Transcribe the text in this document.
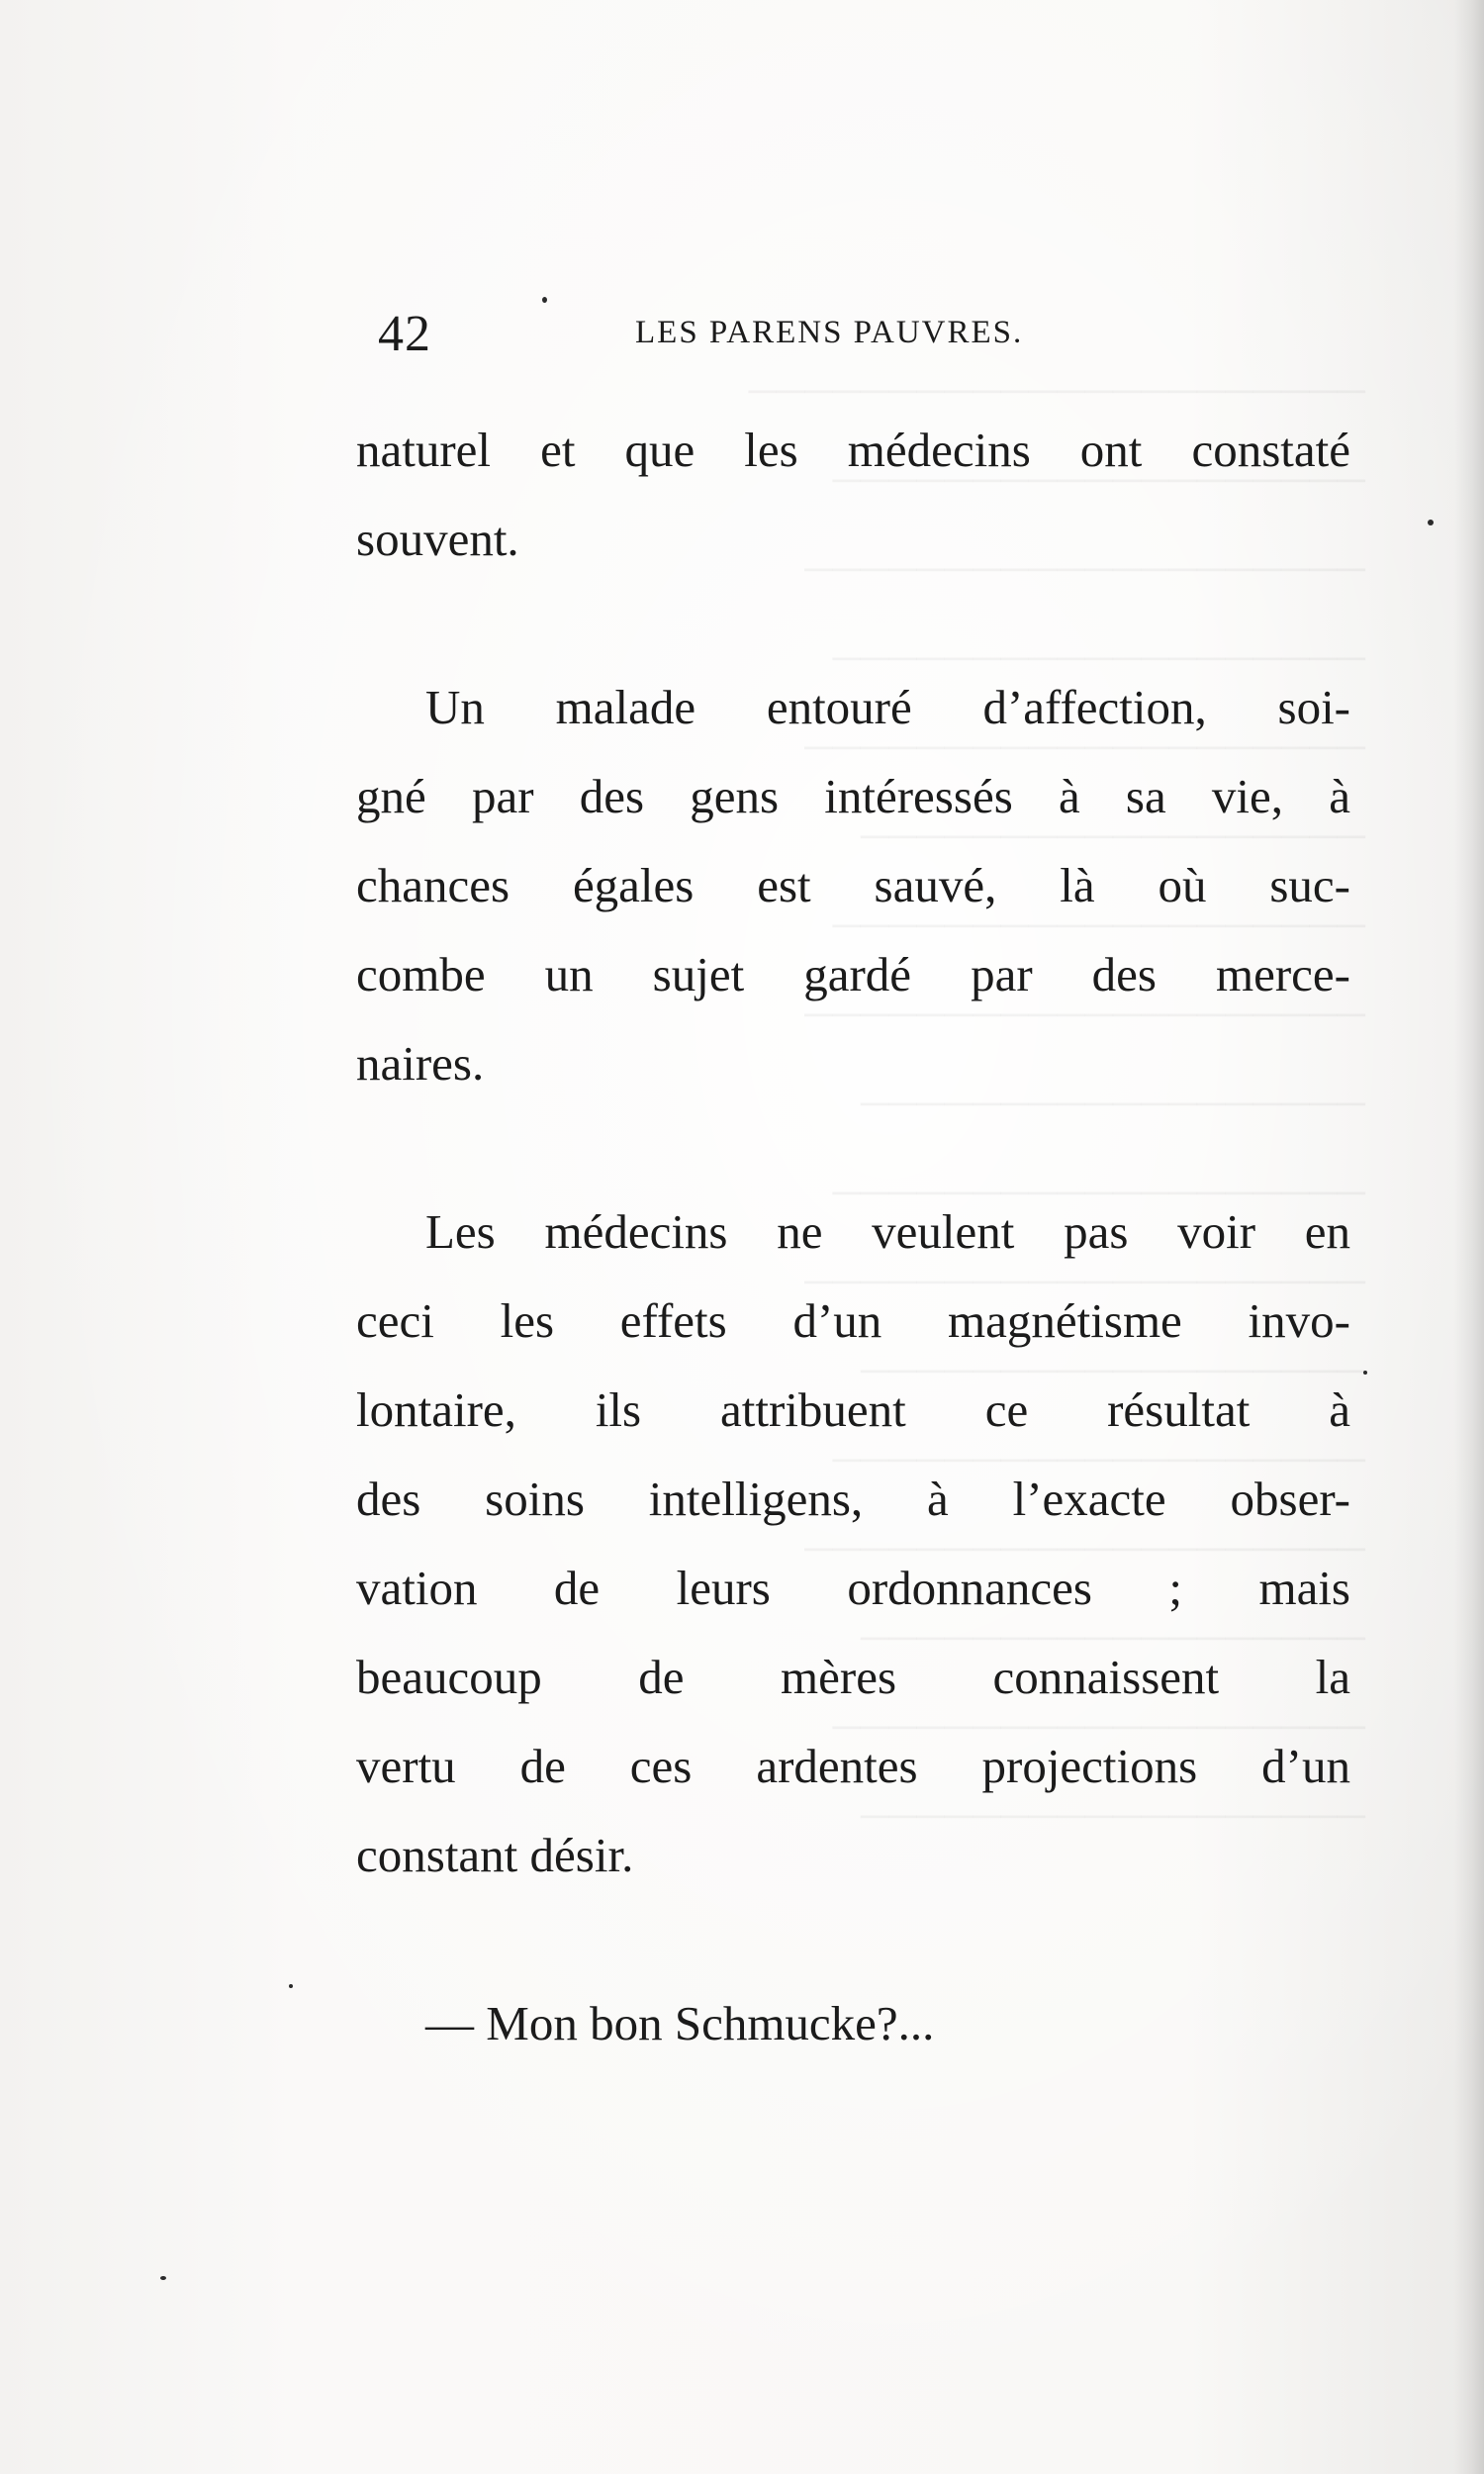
42	LES PARENS PAUVRES.
naturel et que les médecins ont constaté
souvent.
Un malade entouré d’affection, soi-
gné par des gens intéressés à sa vie, à
chances égales est sauvé, là où suc-
combe un sujet gardé par des merce-
naires.
Les médecins ne veulent pas voir en
ceci les effets d’un magnétisme invo-
lontaire, ils attribuent ce résultat à
des soins intelligens, à l’exacte obser-
vation de leurs ordonnances ; mais
beaucoup de mères connaissent la
vertu de ces ardentes projections d’un
constant désir.
— Mon bon Schmucke?...
